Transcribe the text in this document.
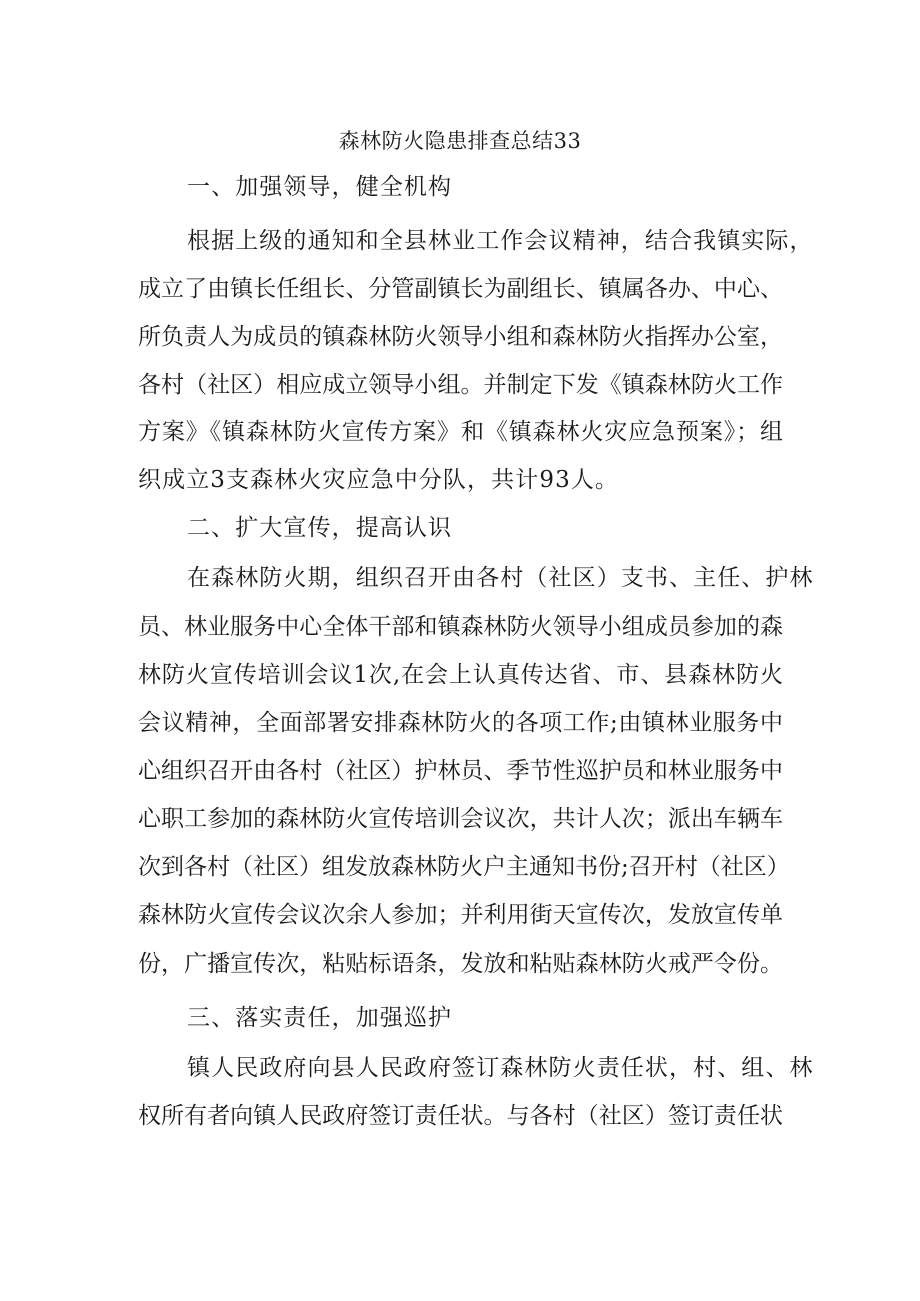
森林防火隐患排查总结33
一、加强领导，健全机构
根据上级的通知和全县林业工作会议精神，结合我镇实际，
成立了由镇长任组长、分管副镇长为副组长、镇属各办、中心、
所负责人为成员的镇森林防火领导小组和森林防火指挥办公室，
各村（社区）相应成立领导小组。并制定下发《镇森林防火工作
方案》《镇森林防火宣传方案》和《镇森林火灾应急预案》；组
织成立3支森林火灾应急中分队，共计93人。
二、扩大宣传，提高认识
在森林防火期，组织召开由各村（社区）支书、主任、护林
员、林业服务中心全体干部和镇森林防火领导小组成员参加的森
林防火宣传培训会议1次,在会上认真传达省、市、县森林防火
会议精神，全面部署安排森林防火的各项工作;由镇林业服务中
心组织召开由各村（社区）护林员、季节性巡护员和林业服务中
心职工参加的森林防火宣传培训会议次，共计人次；派出车辆车
次到各村（社区）组发放森林防火户主通知书份;召开村（社区）
森林防火宣传会议次余人参加；并利用街天宣传次，发放宣传单
份，广播宣传次，粘贴标语条，发放和粘贴森林防火戒严令份。
三、落实责任，加强巡护
镇人民政府向县人民政府签订森林防火责任状，村、组、林
权所有者向镇人民政府签订责任状。与各村（社区）签订责任状
